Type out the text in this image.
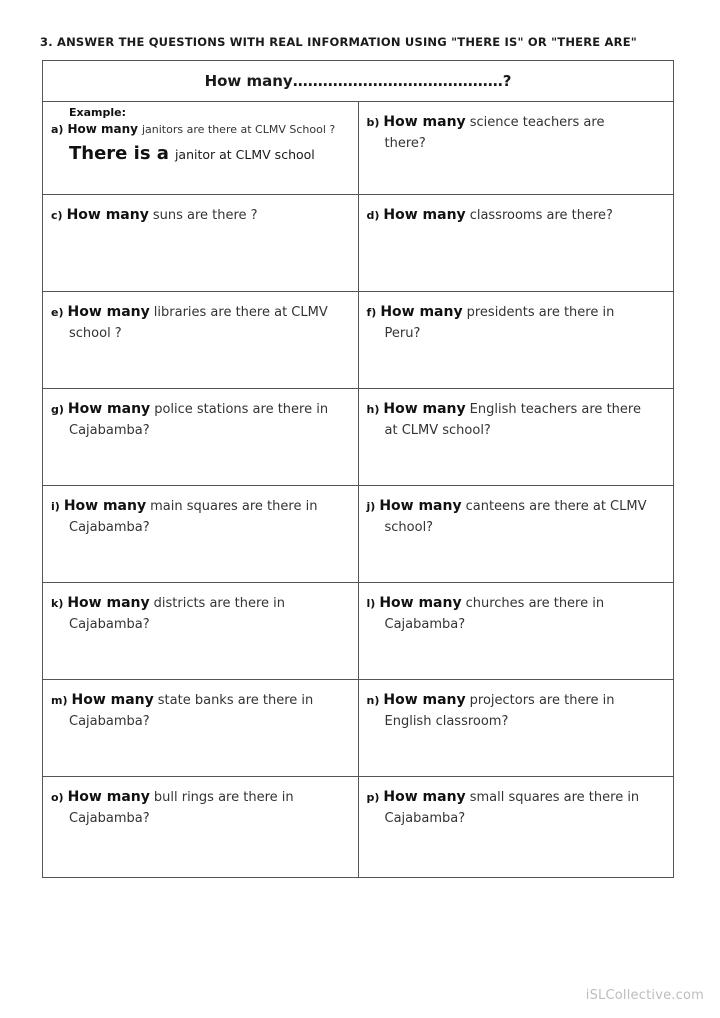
3. ANSWER THE QUESTIONS WITH REAL INFORMATION USING "THERE IS" OR "THERE ARE"
How many……………………………………?	

Example:
a) How many janitors are there at CLMV School ?
There is a janitor at CLMV school	b) How many science teachers are
there?

c) How many suns are there ?	d) How many classrooms are there?

e) How many libraries are there at CLMV
school ?	f) How many presidents are there in
Peru?

g) How many police stations are there in
Cajabamba?	h) How many English teachers are there
at CLMV school?

i) How many main squares are there in
Cajabamba?	j) How many canteens are there at CLMV
school?

k) How many districts are there in
Cajabamba?	l) How many churches are there in
Cajabamba?

m) How many state banks are there in
Cajabamba?	n) How many projectors are there in
English classroom?

o) How many bull rings are there in
Cajabamba?	p) How many small squares are there in
Cajabamba?
iSLCollective.com
